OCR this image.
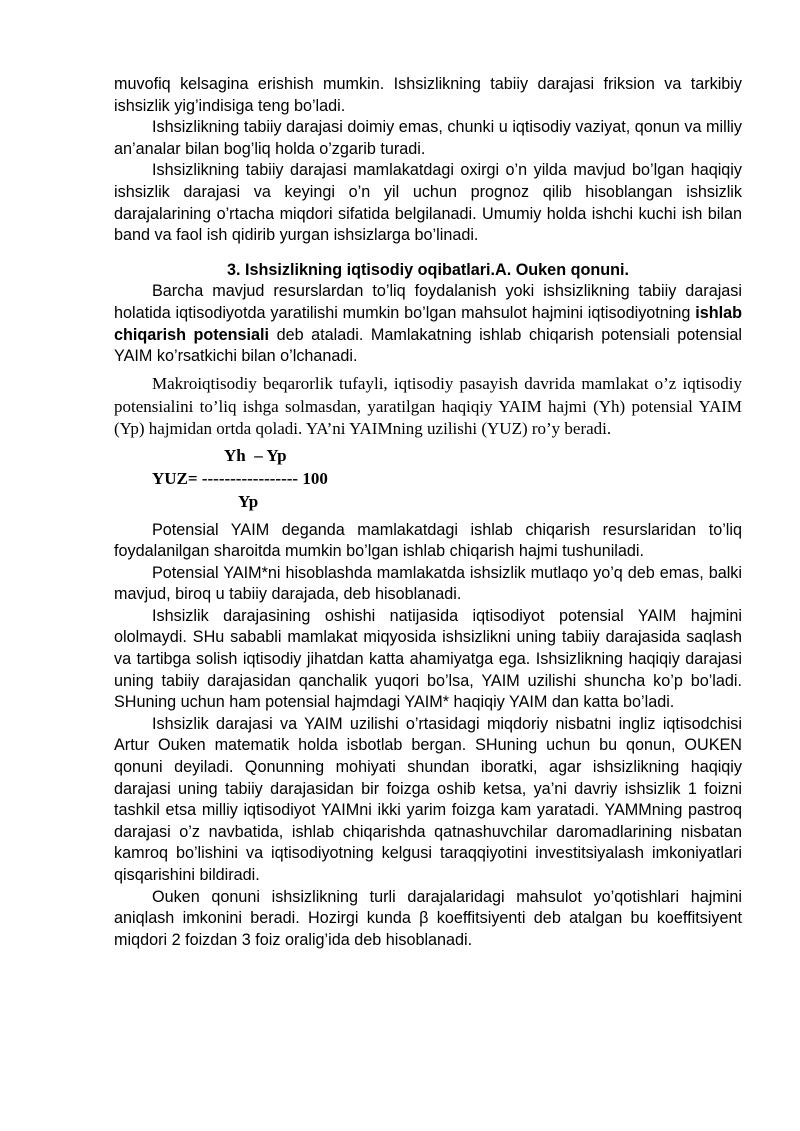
muvofiq kelsagina erishish mumkin. Ishsizlikning tabiiy darajasi friksion va tarkibiy ishsizlik yig’indisiga teng bo’ladi.

Ishsizlikning tabiiy darajasi doimiy emas, chunki u iqtisodiy vaziyat, qonun va milliy an’analar bilan bog’liq holda o’zgarib turadi.

Ishsizlikning tabiiy darajasi mamlakatdagi oxirgi o’n yilda mavjud bo’lgan haqiqiy ishsizlik darajasi va keyingi o’n yil uchun prognoz qilib hisoblangan ishsizlik darajalarining o’rtacha miqdori sifatida belgilanadi. Umumiy holda ishchi kuchi ish bilan band va faol ish qidirib yurgan ishsizlarga bo’linadi.

3. Ishsizlikning iqtisodiy oqibatlari.A. Ouken qonuni.

Barcha mavjud resurslardan to’liq foydalanish yoki ishsizlikning tabiiy darajasi holatida iqtisodiyotda yaratilishi mumkin bo’lgan mahsulot hajmini iqtisodiyotning ishlab chiqarish potensiali deb ataladi. Mamlakatning ishlab chiqarish potensiali potensial YAIM ko’rsatkichi bilan o’lchanadi.

Makroiqtisodiy beqarorlik tufayli, iqtisodiy pasayish davrida mamlakat o’z iqtisodiy potensialini to’liq ishga solmasdan, yaratilgan haqiqiy YAIM hajmi (Yh) potensial YAIM (Yp) hajmidan ortda qoladi. YA’ni YAIMning uzilishi (YUZ) ro’y beradi.

Yh  – Yp
YUZ= ----------------- 100
Yp

Potensial YAIM deganda mamlakatdagi ishlab chiqarish resurslaridan to’liq foydalanilgan sharoitda mumkin bo’lgan ishlab chiqarish hajmi tushuniladi.

Potensial YAIM*ni hisoblashda mamlakatda ishsizlik mutlaqo yo’q deb emas, balki mavjud, biroq u tabiiy darajada, deb hisoblanadi.

Ishsizlik darajasining oshishi natijasida iqtisodiyot potensial YAIM hajmini ololmaydi. SHu sababli mamlakat miqyosida ishsizlikni uning tabiiy darajasida saqlash va tartibga solish iqtisodiy jihatdan katta ahamiyatga ega. Ishsizlikning haqiqiy darajasi uning tabiiy darajasidan qanchalik yuqori bo’lsa, YAIM uzilishi shuncha ko’p bo’ladi. SHuning uchun ham potensial hajmdagi YAIM* haqiqiy YAIM dan katta bo’ladi.

Ishsizlik darajasi va YAIM uzilishi o’rtasidagi miqdoriy nisbatni ingliz iqtisodchisi Artur Ouken matematik holda isbotlab bergan. SHuning uchun bu qonun, OUKEN qonuni deyiladi. Qonunning mohiyati shundan iboratki, agar ishsizlikning haqiqiy darajasi uning tabiiy darajasidan bir foizga oshib ketsa, ya’ni davriy ishsizlik 1 foizni tashkil etsa milliy iqtisodiyot YAIMni ikki yarim foizga kam yaratadi. YAMMning pastroq darajasi o’z navbatida, ishlab chiqarishda qatnashuvchilar daromadlarining nisbatan kamroq bo’lishini va iqtisodiyotning kelgusi taraqqiyotini investitsiyalash imkoniyatlari qisqarishini bildiradi.

Ouken qonuni ishsizlikning turli darajalaridagi mahsulot yo’qotishlari hajmini aniqlash imkonini beradi. Hozirgi kunda β koeffitsiyenti deb atalgan bu koeffitsiyent miqdori 2 foizdan 3 foiz oralig’ida deb hisoblanadi.
